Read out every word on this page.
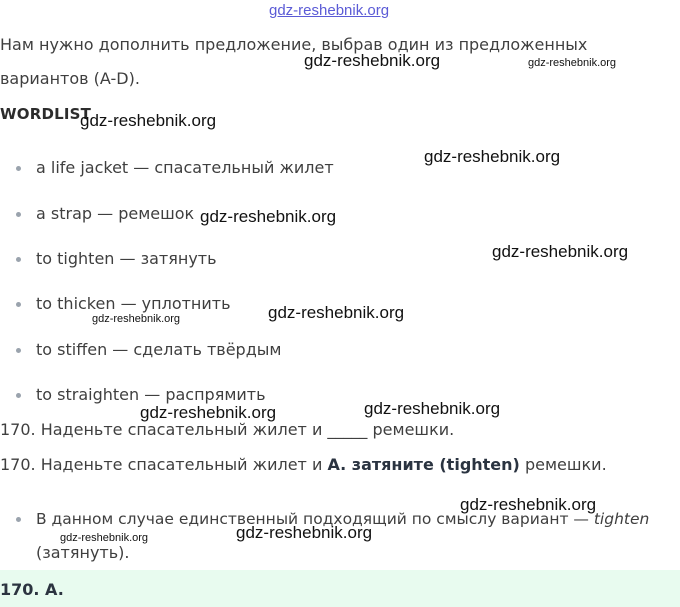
gdz-reshebnik.org
Нам нужно дополнить предложение, выбрав один из предложенных
вариантов (A-D).
WORDLIST
a life jacket — спасательный жилет
a strap — ремешок
to tighten — затянуть
to thicken — уплотнить
to stiffen — сделать твёрдым
to straighten — распрямить
170. Наденьте спасательный жилет и _____ ремешки.
170. Наденьте спасательный жилет и A. затяните (tighten) ремешки.
В данном случае единственный подходящий по смыслу вариант — tighten
(затянуть).
170. A.
gdz-reshebnik.org	gdz-reshebnik.org
gdz-reshebnik.org
gdz-reshebnik.org
gdz-reshebnik.org
gdz-reshebnik.org
gdz-reshebnik.org
gdz-reshebnik.org
gdz-reshebnik.org	gdz-reshebnik.org
gdz-reshebnik.org
gdz-reshebnik.org	gdz-reshebnik.org
